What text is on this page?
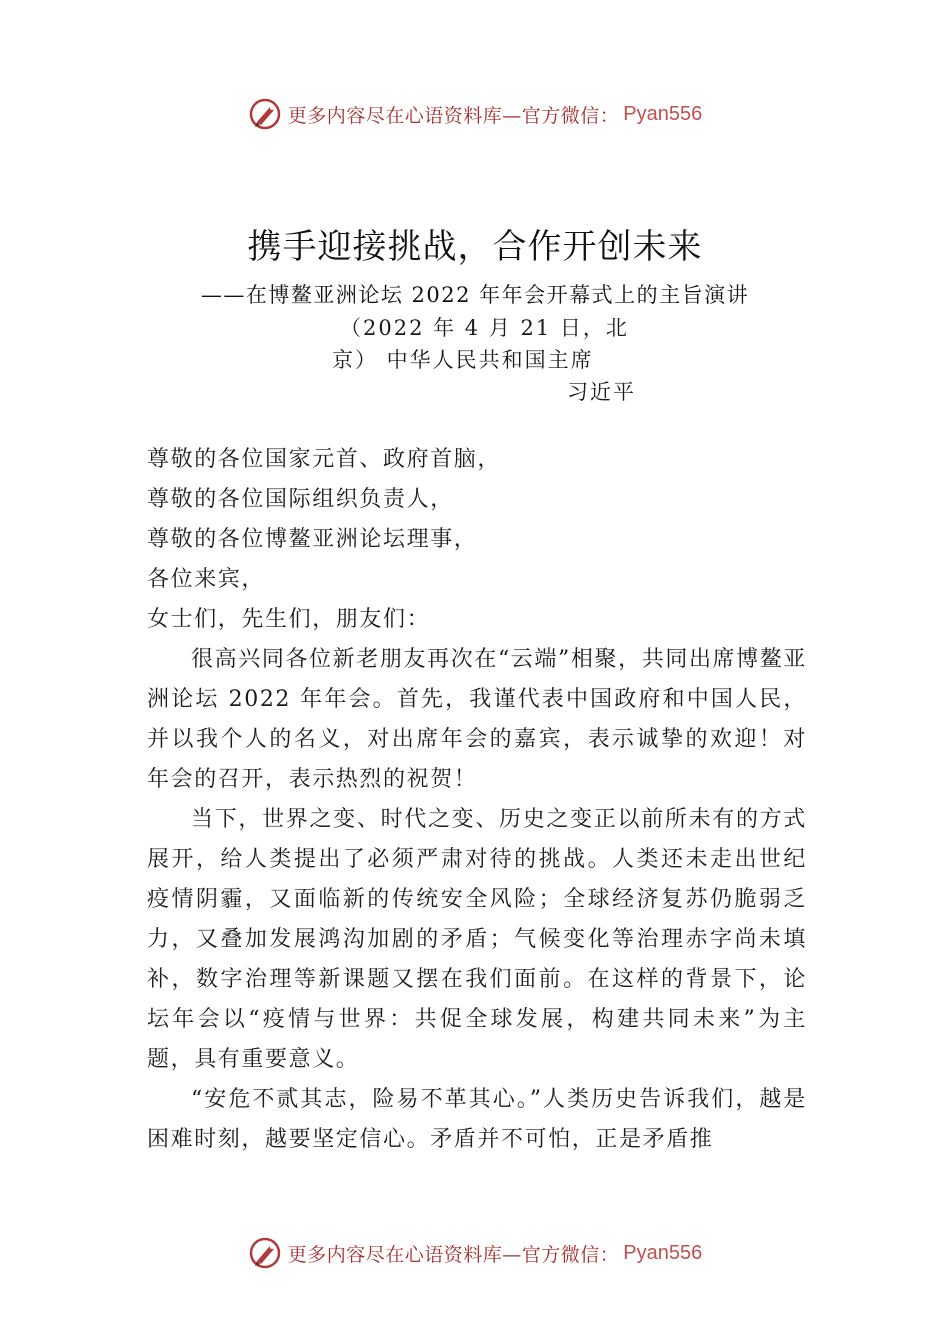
更多内容尽在心语资料库—官方微信： Pyan556
携手迎接挑战，合作开创未来
——在博鳌亚洲论坛 2022 年年会开幕式上的主旨演讲
（2022 年 4 月 21 日，北
京） 中华人民共和国主席
习近平

尊敬的各位国家元首、政府首脑，

尊敬的各位国际组织负责人，

尊敬的各位博鳌亚洲论坛理事，

各位来宾，

女士们，先生们，朋友们：

很高兴同各位新老朋友再次在“云端”相聚，共同出席博鳌亚洲论坛 2022 年年会。首先，我谨代表中国政府和中国人民，并以我个人的名义，对出席年会的嘉宾，表示诚挚的欢迎！对年会的召开，表示热烈的祝贺！

当下，世界之变、时代之变、历史之变正以前所未有的方式展开，给人类提出了必须严肃对待的挑战。人类还未走出世纪疫情阴霾，又面临新的传统安全风险；全球经济复苏仍脆弱乏力，又叠加发展鸿沟加剧的矛盾；气候变化等治理赤字尚未填补，数字治理等新课题又摆在我们面前。在这样的背景下，论坛年会以“疫情与世界：共促全球发展，构建共同未来”为主题，具有重要意义。

“安危不贰其志，险易不革其心。”人类历史告诉我们，越是困难时刻，越要坚定信心。矛盾并不可怕，正是矛盾推

更多内容尽在心语资料库—官方微信： Pyan556
